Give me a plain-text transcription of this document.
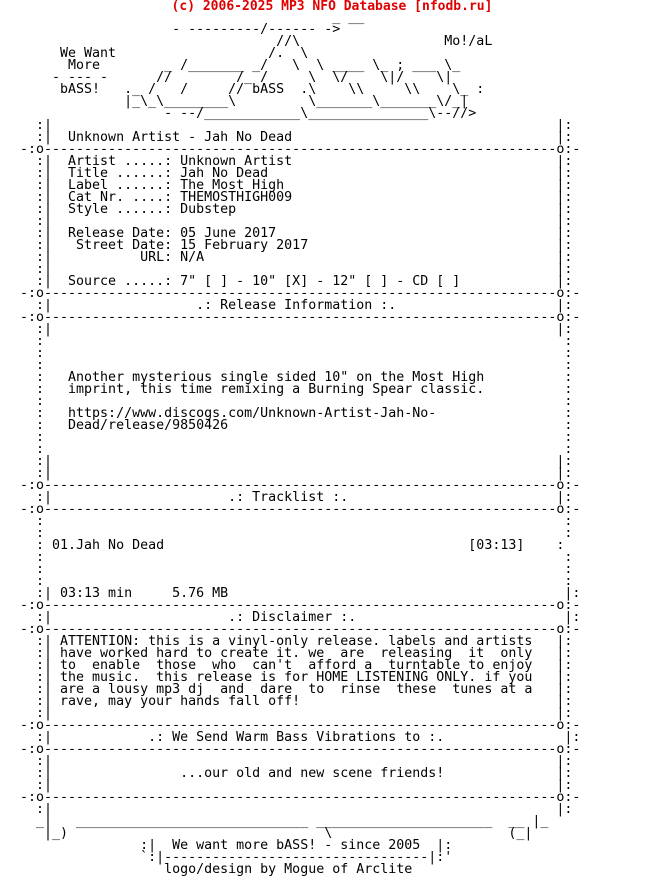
(c) 2006-2025 MP3 NFO Database [nfodb.ru]
_ __
- ---------/------ ->
//\                  Mo!/aL
We Want                   /.  \
More        _ /_______ _/   \  \ ____ \_ ; ___ \_
- --- -      //        /_ /     \  \/    \|/    \|
bASS!   ._ /   /     // bASS  .\    \\     \\    \_ :
|_\_\________\         \_______\_______\/_|
- --/____________\_______________\--//>
:|                                                               |:
:|  Unknown Artist - Jah No Dead                                 |:
-:o----------------------------------------------------------------o:-
:|  Artist .....: Unknown Artist                                 |:
:|  Title ......: Jah No Dead                                    |:
:|  Label ......: The Most High                                  |:
:|  Cat Nr. ....: THEMOSTHIGH009                                 |:
:|  Style ......: Dubstep                                        |:
:|                                                               |:
:|  Release Date: 05 June 2017                                   |:
:|   Street Date: 15 February 2017                               |:
:|           URL: N/A                                            |:
:|                                                               |:
:|  Source .....: 7" [ ] - 10" [X] - 12" [ ] - CD [ ]            |:
-:o----------------------------------------------------------------o:-
:|                  .: Release Information :.                    |:
-:o----------------------------------------------------------------o:-
:|                                                               |:
:                                                                 :
:                                                                 :
:                                                                 :
:   Another mysterious single sided 10" on the Most High          :
:   imprint, this time remixing a Burning Spear classic.          :
:                                                                 :
:   https://www.discogs.com/Unknown-Artist-Jah-No-                :
:   Dead/release/9850426                                          :
:                                                                 :
:                                                                 :
:|                                                               |:
:|                                                               |:
-:o----------------------------------------------------------------o:-
:|                      .: Tracklist :.                          |:
-:o----------------------------------------------------------------o:-
:                                                                 :
:                                                                 :
: 01.Jah No Dead                                      [03:13]    :
:                                                                 :
:                                                                 :
:                                                                 :
:| 03:13 min     5.76 MB                                          |:
-:o----------------------------------------------------------------o:-
:|                      .: Disclaimer :.                          |:
-:o----------------------------------------------------------------o:-
:| ATTENTION: this is a vinyl-only release. labels and artists   |:
:| have worked hard to create it. we  are  releasing  it  only   |:
:| to  enable  those  who  can't  afford a  turntable to enjoy   |:
:| the music.  this release is for HOME LISTENING ONLY. if you   |:
:| are a lousy mp3 dj  and  dare  to  rinse  these  tunes at a   |:
:| rave, may your hands fall off!                                |:
:|                                                               |:
-:o----------------------------------------------------------------o:-
:|            .: We Send Warm Bass Vibrations to :.               |:
-:o----------------------------------------------------------------o:-
:|                                                               |:
:|                ...our old and new scene friends!              |:
:|                                                               |:
-:o----------------------------------------------------------------o:-
:|                                                               |:
_|   _____________________________ ______________________  __ |_
|_)                                \                      (_|
:|  We want more bASS! - since 2005  |:
`:|---------------------------------|:'
logo/design by Mogue of Arclite
